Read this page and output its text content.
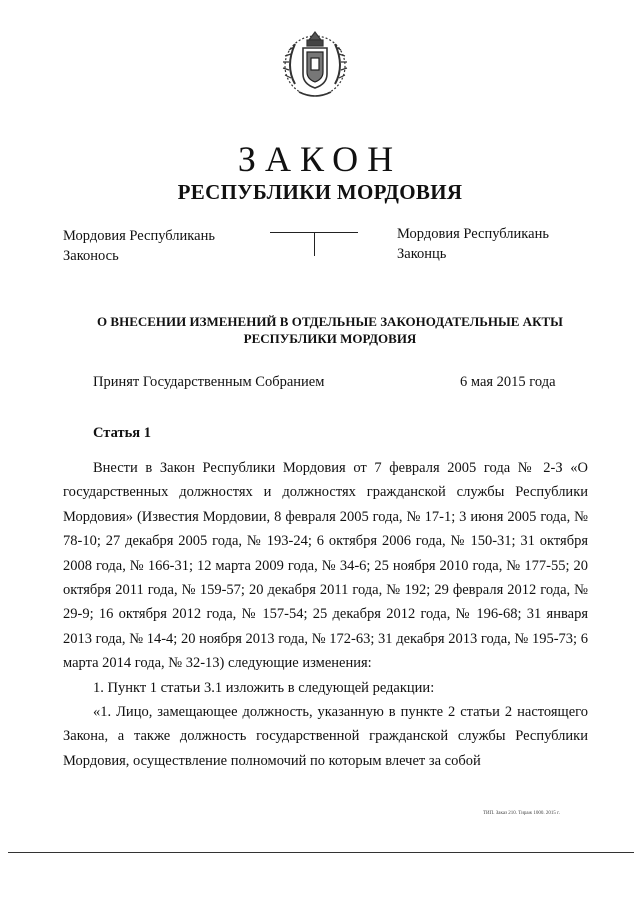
ЗАКОН
РЕСПУБЛИКИ МОРДОВИЯ
Мордовия Республикань
Законось
Мордовия Республикань
Законць
О ВНЕСЕНИИ ИЗМЕНЕНИЙ В ОТДЕЛЬНЫЕ ЗАКОНОДАТЕЛЬНЫЕ АКТЫ
РЕСПУБЛИКИ МОРДОВИЯ
Принят Государственным Собранием	6 мая 2015 года
Статья 1

Внести в Закон Республики Мордовия от 7 февраля 2005 года № 2-З «О государственных должностях и должностях гражданской службы Республики Мордовия» (Известия Мордовии, 8 февраля 2005 года, № 17-1; 3 июня 2005 года, № 78-10; 27 декабря 2005 года, № 193-24; 6 октября 2006 года, № 150-31; 31 октября 2008 года, № 166-31; 12 марта 2009 года, № 34-6; 25 ноября 2010 года, № 177-55; 20 октября 2011 года, № 159-57; 20 декабря 2011 года, № 192; 29 февраля 2012 года, № 29-9; 16 октября 2012 года, № 157-54; 25 декабря 2012 года, № 196-68; 31 января 2013 года, № 14-4; 20 ноября 2013 года, № 172-63; 31 декабря 2013 года, № 195-73; 6 марта 2014 года, № 32-13) следующие изменения:

1. Пункт 1 статьи 3.1 изложить в следующей редакции:

«1. Лицо, замещающее должность, указанную в пункте 2 статьи 2 настоящего Закона, а также должность государственной гражданской службы Республики Мордовия, осуществление полномочий по которым влечет за собой

ТИП. Заказ 210. Тираж 1000. 2015 г.
